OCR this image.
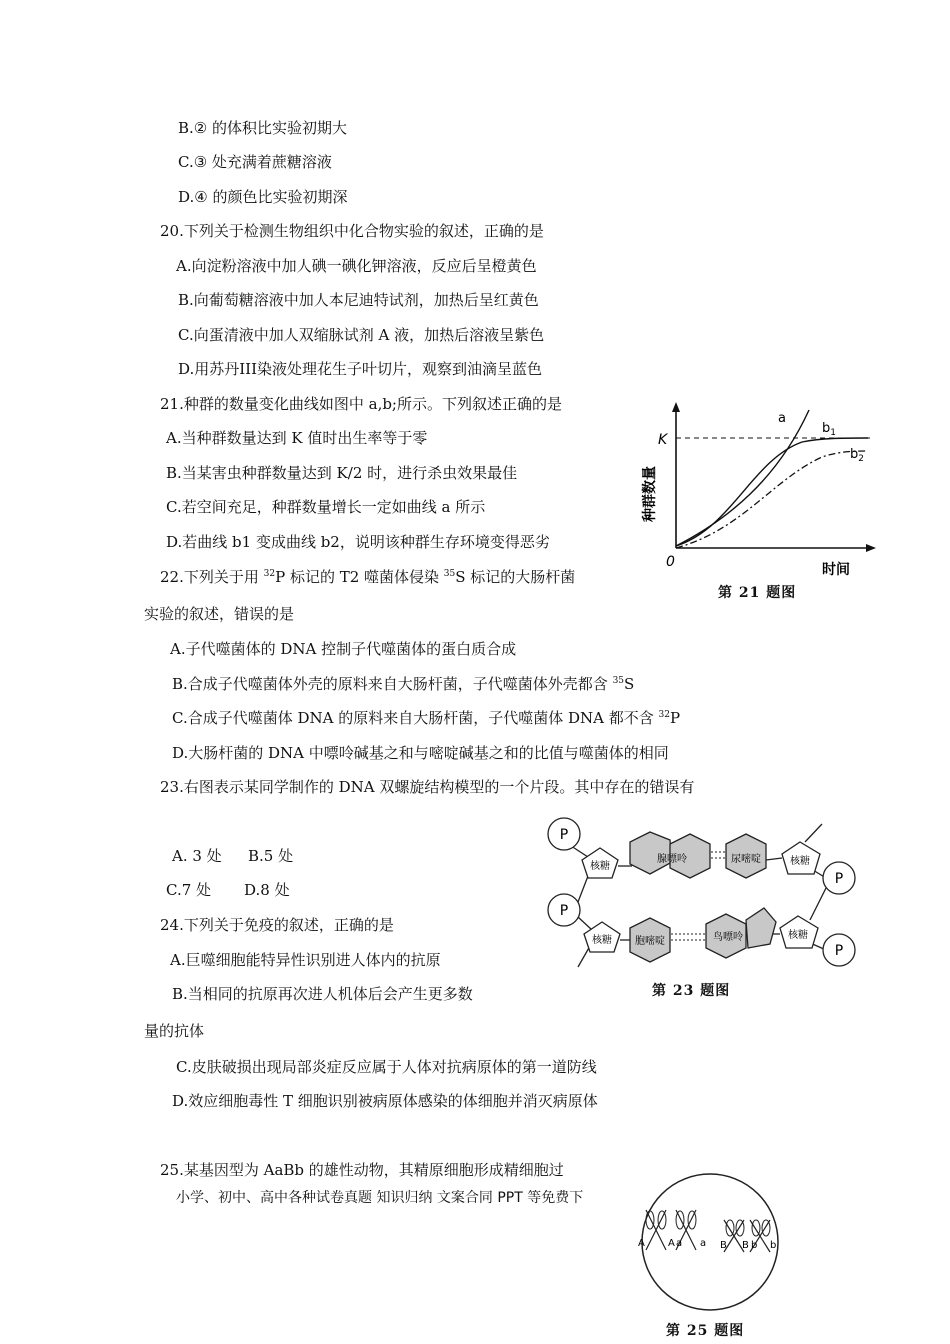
B.② 的体积比实验初期大
C.③ 处充满着蔗糖溶液
D.④ 的颜色比实验初期深
20.下列关于检测生物组织中化合物实验的叙述，正确的是
A.向淀粉溶液中加人碘一碘化钾溶液，反应后呈橙黄色
B.向葡萄糖溶液中加人本尼迪特试剂，加热后呈红黄色
C.向蛋清液中加人双缩脉试剂 A 液，加热后溶液呈紫色
D.用苏丹III染液处理花生子叶切片，观察到油滴呈蓝色
21.种群的数量变化曲线如图中 a,b;所示。下列叙述正确的是
A.当种群数量达到 K 值时出生率等于零
B.当某害虫种群数量达到 K/2 时，进行杀虫效果最佳
C.若空间充足，种群数量增长一定如曲线 a 所示
D.若曲线 b1 变成曲线 b2，说明该种群生存环境变得恶劣
K
0
a
$b_1$
$b_2$
时间
种群数量
第 21 题图
22.下列关于用 $^{32}$P 标记的 T2 噬菌体侵染 $^{35}$S 标记的大肠杆菌
实验的叙述，错误的是
A.子代噬菌体的 DNA 控制子代噬菌体的蛋白质合成
B.合成子代噬菌体外壳的原料来自大肠杆菌，子代噬菌体外壳都含 $^{35}$S
C.合成子代噬菌体 DNA 的原料来自大肠杆菌，子代噬菌体 DNA 都不含 $^{32}$P
D.大肠杆菌的 DNA 中嘌呤碱基之和与嘧啶碱基之和的比值与噬菌体的相同
23.右图表示某同学制作的 DNA 双螺旋结构模型的一个片段。其中存在的错误有
A. 3 处 B.5 处
C.7 处 D.8 处
P
P
P
P
核糖	核糖
核糖	核糖
腺嘌呤	尿嘧啶
胞嘧啶	鸟嘌呤
第 23 题图
24.下列关于免疫的叙述，正确的是
A.巨噬细胞能特异性识别进人体内的抗原
B.当相同的抗原再次进人机体后会产生更多数
量的抗体
C.皮肤破损出现局部炎症反应属于人体对抗病原体的第一道防线
D.效应细胞毒性 T 细胞识别被病原体感染的体细胞并消灭病原体
25.某基因型为 AaBb 的雄性动物，其精原细胞形成精细胞过
小学、初中、高中各种试卷真题 知识归纳 文案合同 PPT 等免费下
A A a a B B b b
第 25 题图
